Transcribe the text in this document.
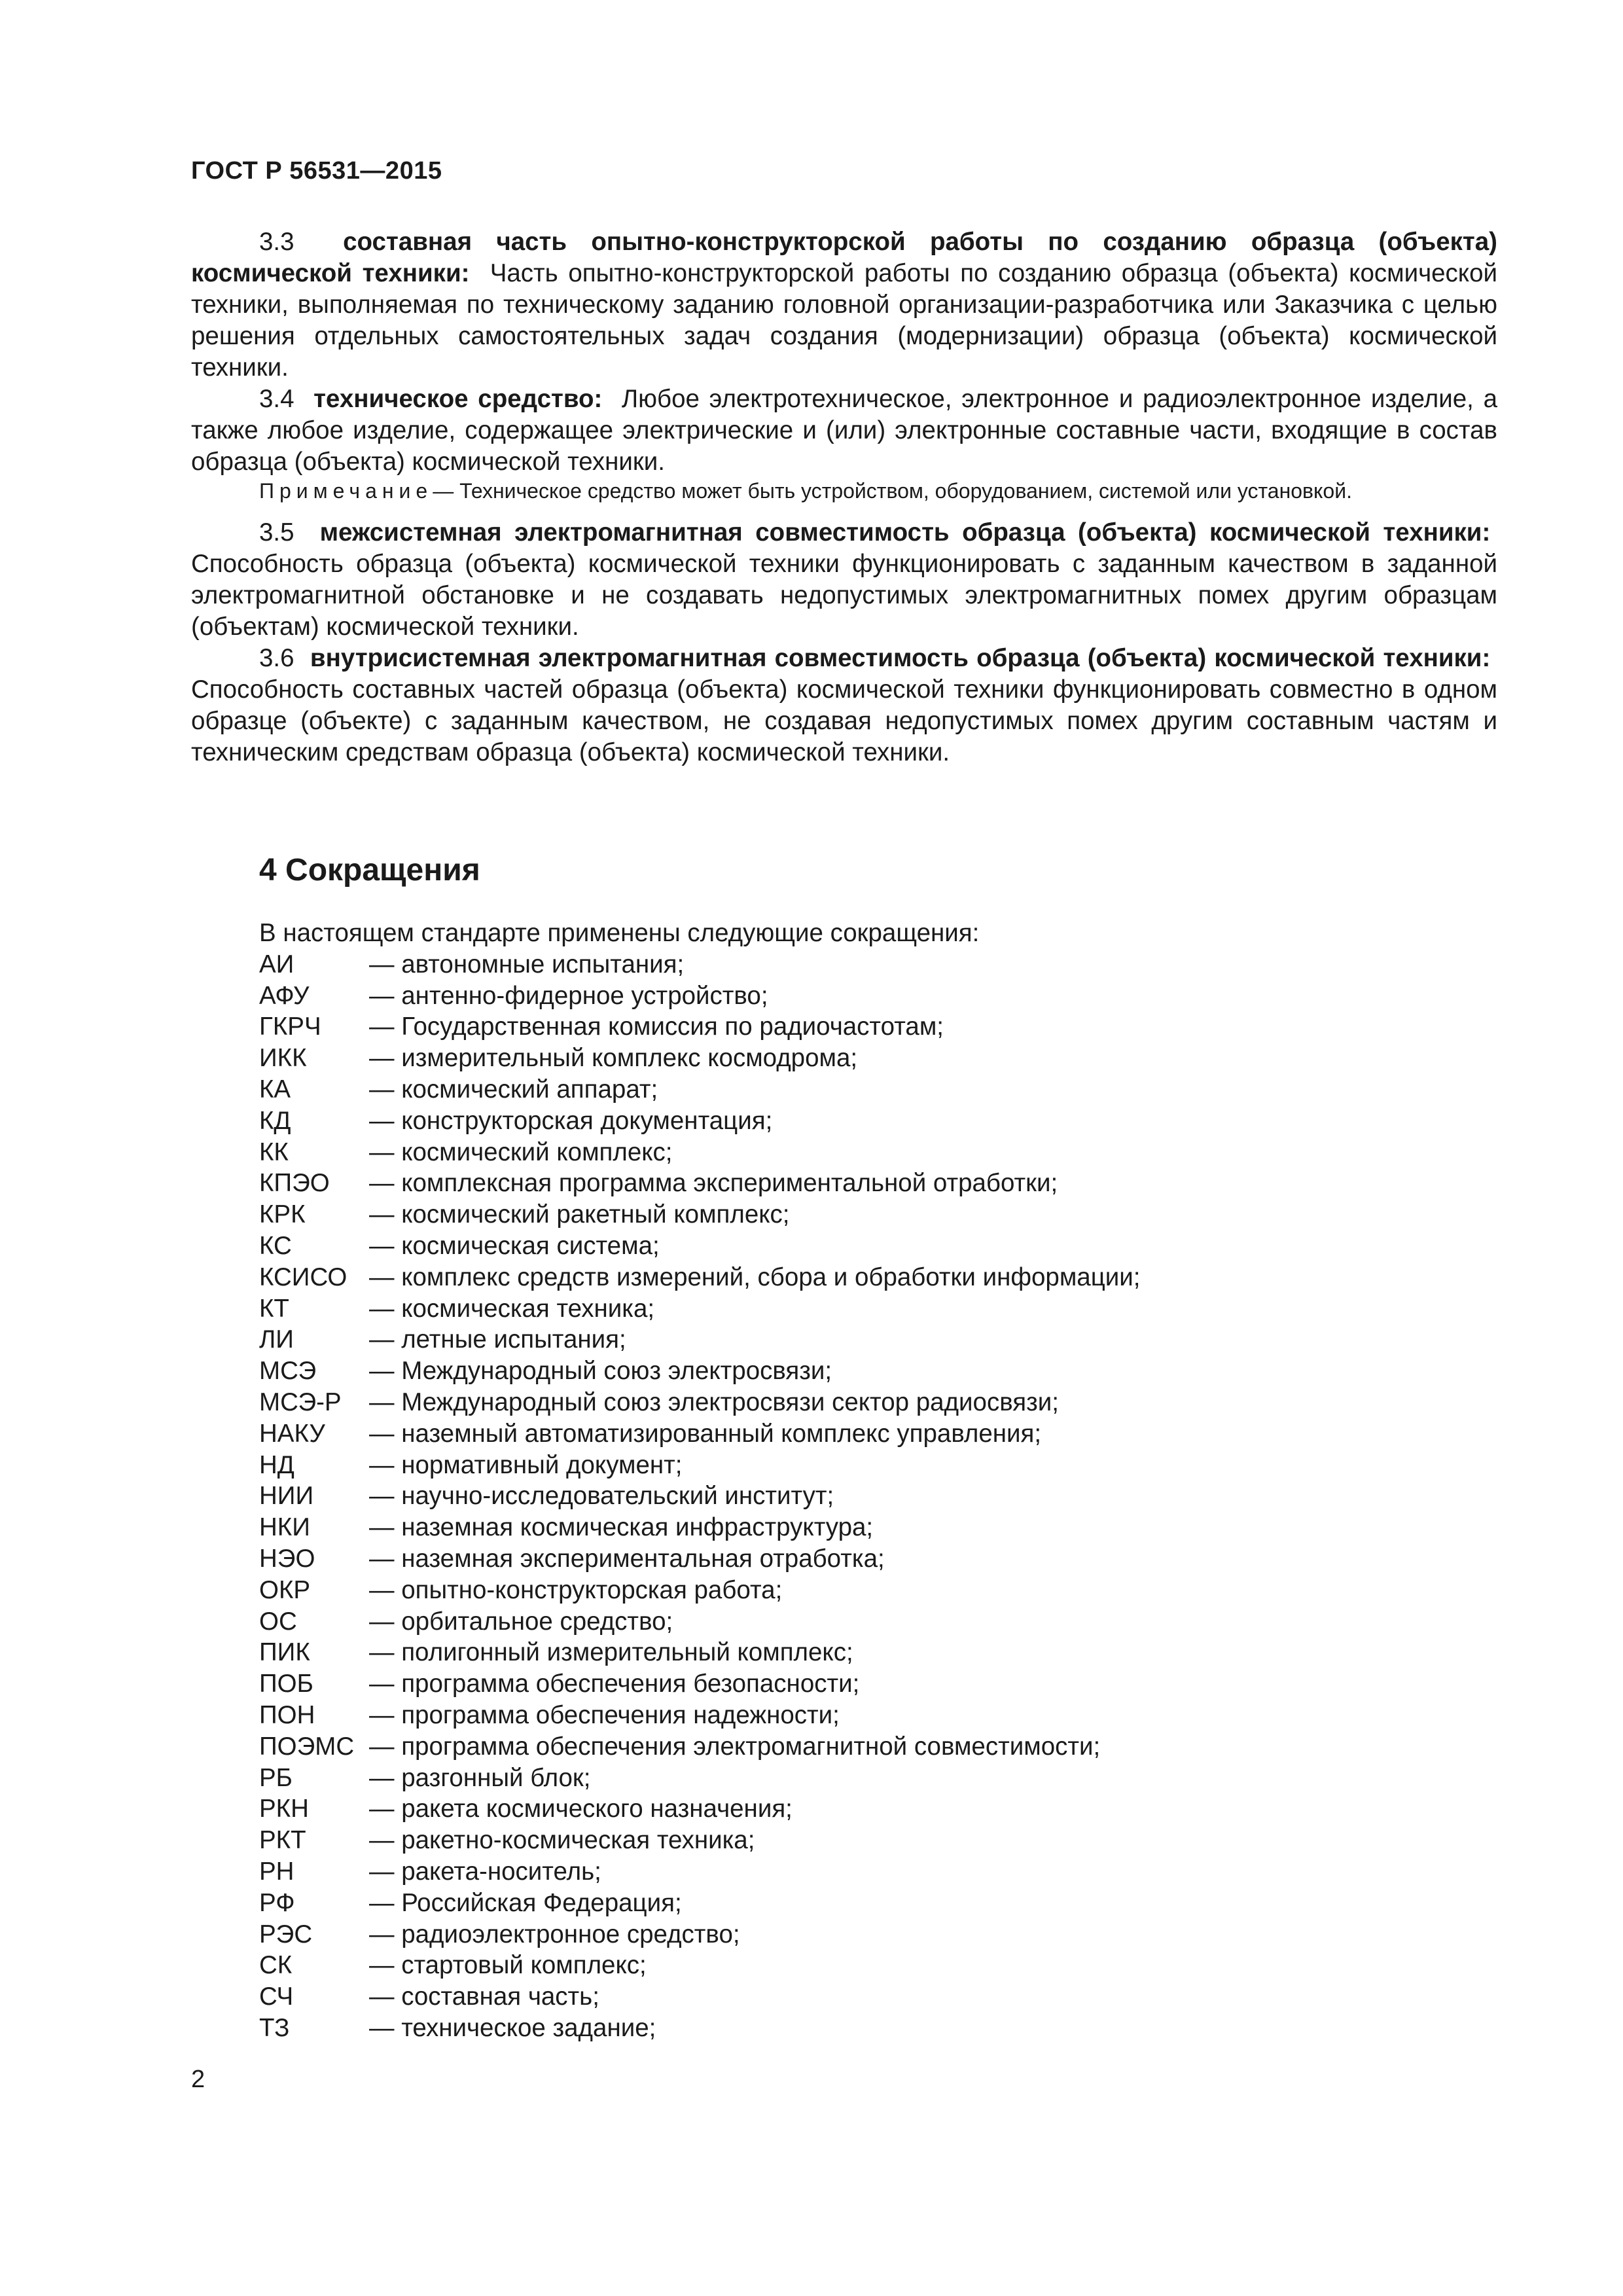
ГОСТ Р 56531—2015

3.3 составная часть опытно-конструкторской работы по созданию образца (объекта) космической техники: Часть опытно-конструкторской работы по созданию образца (объекта) космической техники, выполняемая по техническому заданию головной организации-разработчика или Заказчика с целью решения отдельных самостоятельных задач создания (модернизации) образца (объекта) космической техники.

3.4 техническое средство: Любое электротехническое, электронное и радиоэлектронное изделие, а также любое изделие, содержащее электрические и (или) электронные составные части, входящие в состав образца (объекта) космической техники.

Примечание— Техническое средство может быть устройством, оборудованием, системой или установкой.

3.5 межсистемная электромагнитная совместимость образца (объекта) космической техники:  Способность образца (объекта) космической техники функционировать с заданным качеством в заданной электромагнитной обстановке и не создавать недопустимых электромагнитных помех другим образцам (объектам) космической техники.

3.6 внутрисистемная электромагнитная совместимость образца (объекта) космической техники:  Способность составных частей образца (объекта) космической техники функционировать совместно в одном образце (объекте) с заданным качеством, не создавая недопустимых помех другим составным частям и техническим средствам образца (объекта) космической техники.

4 Сокращения

В настоящем стандарте применены следующие сокращения:

АИ	— автономные испытания;
АФУ	— антенно-фидерное устройство;
ГКРЧ	— Государственная комиссия по радиочастотам;
ИКК	— измерительный комплекс космодрома;
КА	— космический аппарат;
КД	— конструкторская документация;
КК	— космический комплекс;
КПЭО	— комплексная программа экспериментальной отработки;
КРК	— космический ракетный комплекс;
КС	— космическая система;
КСИСО — комплекс средств измерений, сбора и обработки информации;
КТ	— космическая техника;
ЛИ	— летные испытания;
МСЭ	— Международный союз электросвязи;
МСЭ-Р	— Международный союз электросвязи сектор радиосвязи;
НАКУ	— наземный автоматизированный комплекс управления;
НД	— нормативный документ;
НИИ	— научно-исследовательский институт;
НКИ	— наземная космическая инфраструктура;
НЭО	— наземная экспериментальная отработка;
ОКР	— опытно-конструкторская работа;
ОС	— орбитальное средство;
ПИК	— полигонный измерительный комплекс;
ПОБ	— программа обеспечения безопасности;
ПОН	— программа обеспечения надежности;
ПОЭМС — программа обеспечения электромагнитной совместимости;
РБ	— разгонный блок;
РКН	— ракета космического назначения;
РКТ	— ракетно-космическая техника;
РН	— ракета-носитель;
РФ	— Российская Федерация;
РЭС	— радиоэлектронное средство;
СК	— стартовый комплекс;
СЧ	— составная часть;
ТЗ	— техническое задание;
2
